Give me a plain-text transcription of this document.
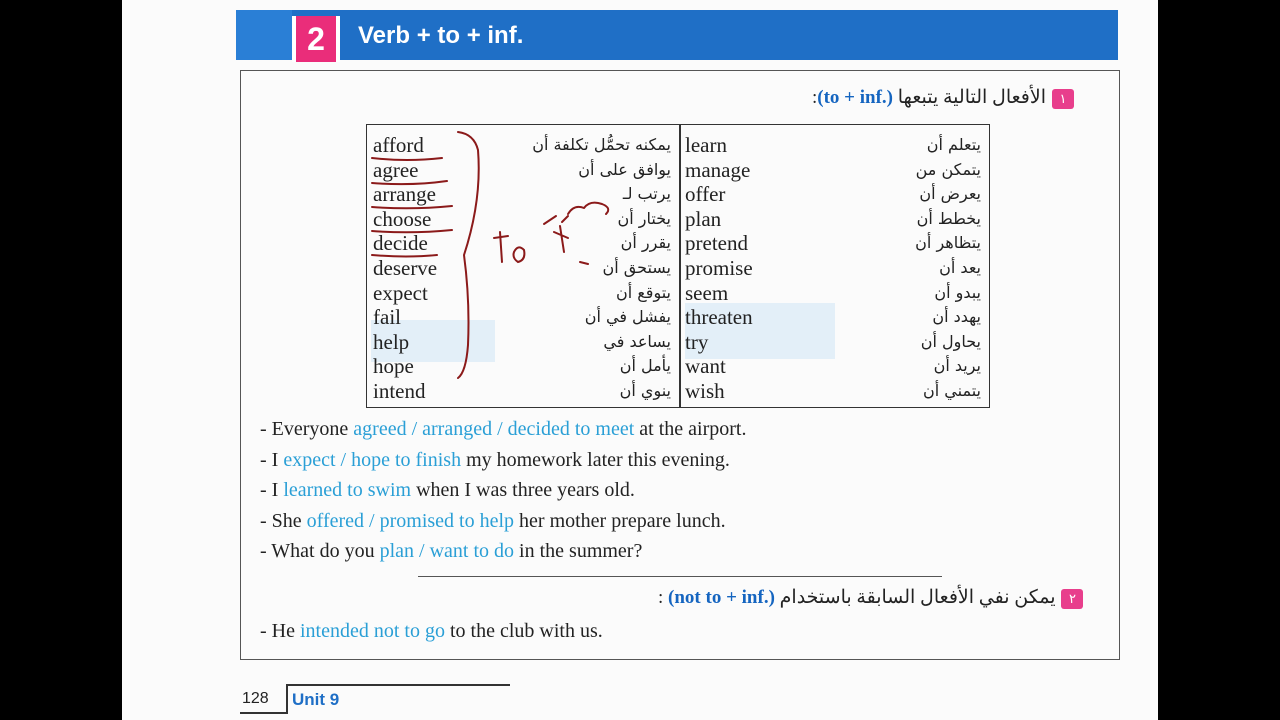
2	Verb + to + inf.
١الأفعال التالية يتبعها (to + inf.):
afford	يمكنه تحمُّل تكلفة أن
agree	يوافق على أن
arrange	يرتب لـ
choose	يختار أن
decide	يقرر أن
deserve	يستحق أن
expect	يتوقع أن
fail	يفشل في أن
help	يساعد في
hope	يأمل أن
intend	ينوي أن
learn	يتعلم أن
manage	يتمكن من
offer	يعرض أن
plan	يخطط أن
pretend	يتظاهر أن
promise	يعد أن
seem	يبدو أن
threaten	يهدد أن
try	يحاول أن
want	يريد أن
wish	يتمني أن
- Everyone agreed / arranged / decided to meet at the airport.
- I expect / hope to finish my homework later this evening.
- I learned to swim when I was three years old.
- She offered / promised to help her mother prepare lunch.
- What do you plan / want to do in the summer?
٢يمكن نفي الأفعال السابقة باستخدام (not to + inf.) :
- He intended not to go to the club with us.
128 Unit 9
